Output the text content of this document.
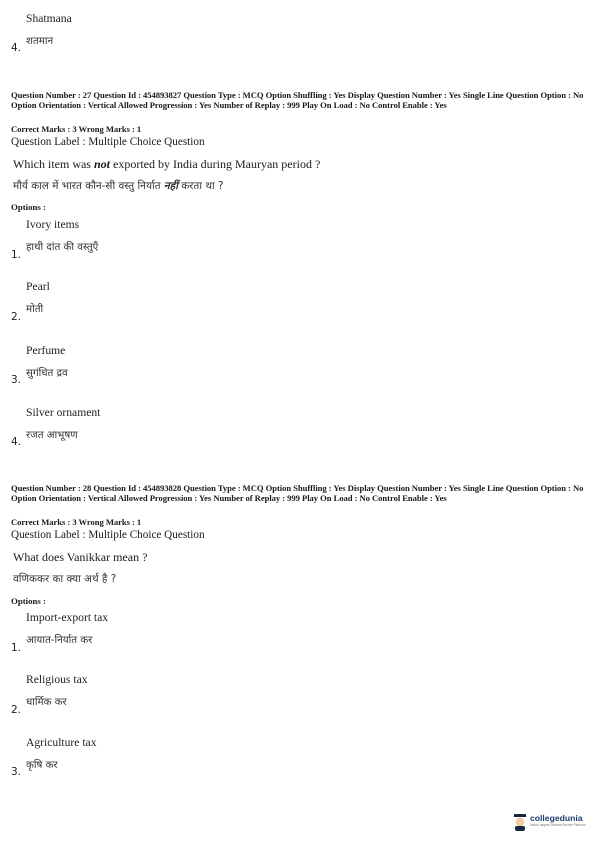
Shatmana
शतमान
4.
Question Number : 27 Question Id : 454893827 Question Type : MCQ Option Shuffling : Yes Display Question Number : Yes Single Line Question Option : No Option Orientation : Vertical Allowed Progression : Yes Number of Replay : 999 Play On Load : No Control Enable : Yes
Correct Marks : 3 Wrong Marks : 1
Question Label : Multiple Choice Question
Which item was not exported by India during Mauryan period ?
मौर्य काल में भारत कौन-सी वस्तु निर्यात नहीं करता था ?
Options :
Ivory items
हाथी दांत की वस्तुएँ
1.
Pearl
मोती
2.
Perfume
सुगंधित द्रव
3.
Silver ornament
रजत आभूषण
4.
Question Number : 28 Question Id : 454893828 Question Type : MCQ Option Shuffling : Yes Display Question Number : Yes Single Line Question Option : No Option Orientation : Vertical Allowed Progression : Yes Number of Replay : 999 Play On Load : No Control Enable : Yes
Correct Marks : 3 Wrong Marks : 1
Question Label : Multiple Choice Question
What does Vanikkar mean ?
वणिककर का क्या अर्थ है ?
Options :
Import-export tax
आयात-निर्यात कर
1.
Religious tax
धार्मिक कर
2.
Agriculture tax
कृषि कर
3.
collegedunia
India's largest Student Review Platform
